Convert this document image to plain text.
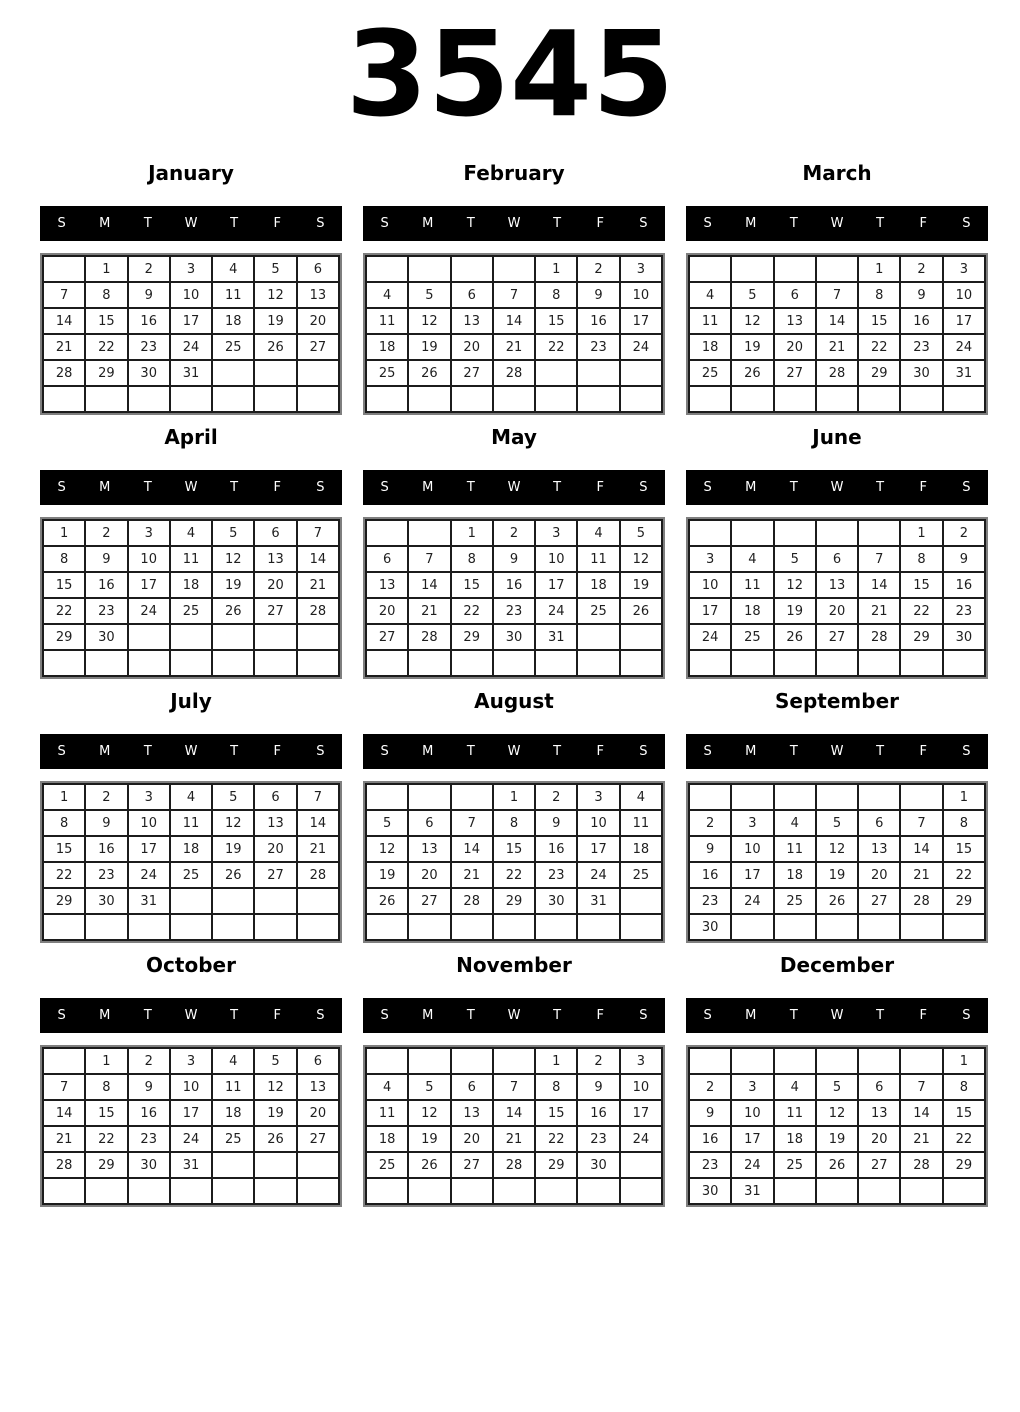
3545
January
S	M	T	W	T	F	S
	1	2	3	4	5	6
7	8	9	10	11	12	13
14	15	16	17	18	19	20
21	22	23	24	25	26	27
28	29	30	31			

February
S	M	T	W	T	F	S
				1	2	3
4	5	6	7	8	9	10
11	12	13	14	15	16	17
18	19	20	21	22	23	24
25	26	27	28			

March
S	M	T	W	T	F	S
				1	2	3
4	5	6	7	8	9	10
11	12	13	14	15	16	17
18	19	20	21	22	23	24
25	26	27	28	29	30	31

April
S	M	T	W	T	F	S
1	2	3	4	5	6	7
8	9	10	11	12	13	14
15	16	17	18	19	20	21
22	23	24	25	26	27	28
29	30					

May
S	M	T	W	T	F	S
		1	2	3	4	5
6	7	8	9	10	11	12
13	14	15	16	17	18	19
20	21	22	23	24	25	26
27	28	29	30	31		

June
S	M	T	W	T	F	S
					1	2
3	4	5	6	7	8	9
10	11	12	13	14	15	16
17	18	19	20	21	22	23
24	25	26	27	28	29	30

July
S	M	T	W	T	F	S
1	2	3	4	5	6	7
8	9	10	11	12	13	14
15	16	17	18	19	20	21
22	23	24	25	26	27	28
29	30	31				

August
S	M	T	W	T	F	S
			1	2	3	4
5	6	7	8	9	10	11
12	13	14	15	16	17	18
19	20	21	22	23	24	25
26	27	28	29	30	31	

September
S	M	T	W	T	F	S
						1
2	3	4	5	6	7	8
9	10	11	12	13	14	15
16	17	18	19	20	21	22
23	24	25	26	27	28	29
30						
October
S	M	T	W	T	F	S
	1	2	3	4	5	6
7	8	9	10	11	12	13
14	15	16	17	18	19	20
21	22	23	24	25	26	27
28	29	30	31			

November
S	M	T	W	T	F	S
				1	2	3
4	5	6	7	8	9	10
11	12	13	14	15	16	17
18	19	20	21	22	23	24
25	26	27	28	29	30	

December
S	M	T	W	T	F	S
						1
2	3	4	5	6	7	8
9	10	11	12	13	14	15
16	17	18	19	20	21	22
23	24	25	26	27	28	29
30	31					
